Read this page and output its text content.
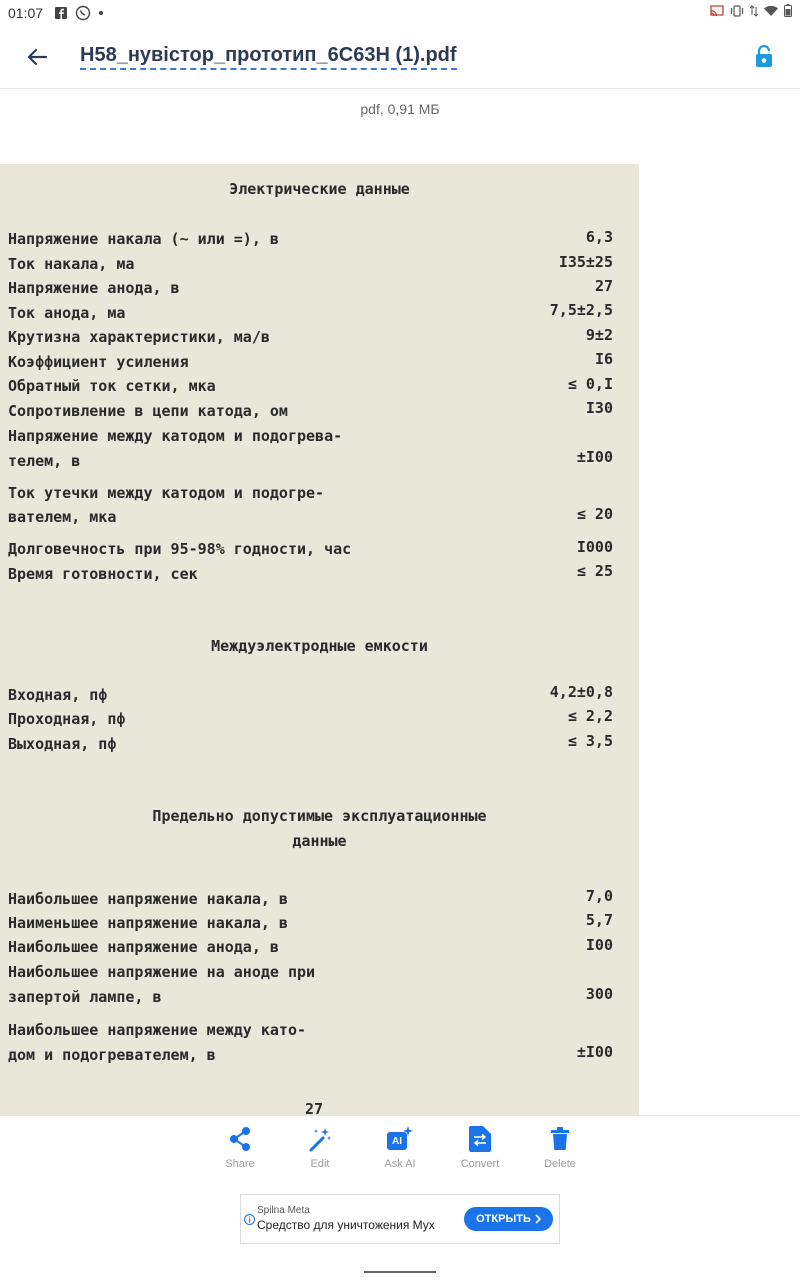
01:07
Н58_нувістор_прототип_6С63Н (1).pdf
pdf, 0,91 МБ
Электрические данные
Напряжение накала (~ или =), в	6,3
Ток накала, ма	I35±25
Напряжение анода, в	27
Ток анода, ма	7,5±2,5
Крутизна характеристики, ма/в	9±2
Коэффициент усиления	I6
Обратный ток сетки, мка	≤ 0,I
Сопротивление в цепи катода, ом	I30
Напряжение между катодом и подогрева-
телем, в	±I00
Ток утечки между катодом и подогре-
вателем, мка	≤ 20
Долговечность при 95-98% годности, час	I000
Время готовности, сек	≤ 25
Междуэлектродные емкости
Входная, пф	4,2±0,8
Проходная, пф	≤ 2,2
Выходная, пф	≤ 3,5
Предельно допустимые эксплуатационные
данные
Наибольшее напряжение накала, в	7,0
Наименьшее напряжение накала, в	5,7
Наибольшее напряжение анода, в	I00
Наибольшее напряжение на аноде при
запертой лампе, в	300
Наибольшее напряжение между като-
дом и подогревателем, в	±I00
27
Share	Edit
AI
Ask AI	Convert	Delete
Spilna Meta
Средство для уничтожения Мух	ОТКРЫТЬ
